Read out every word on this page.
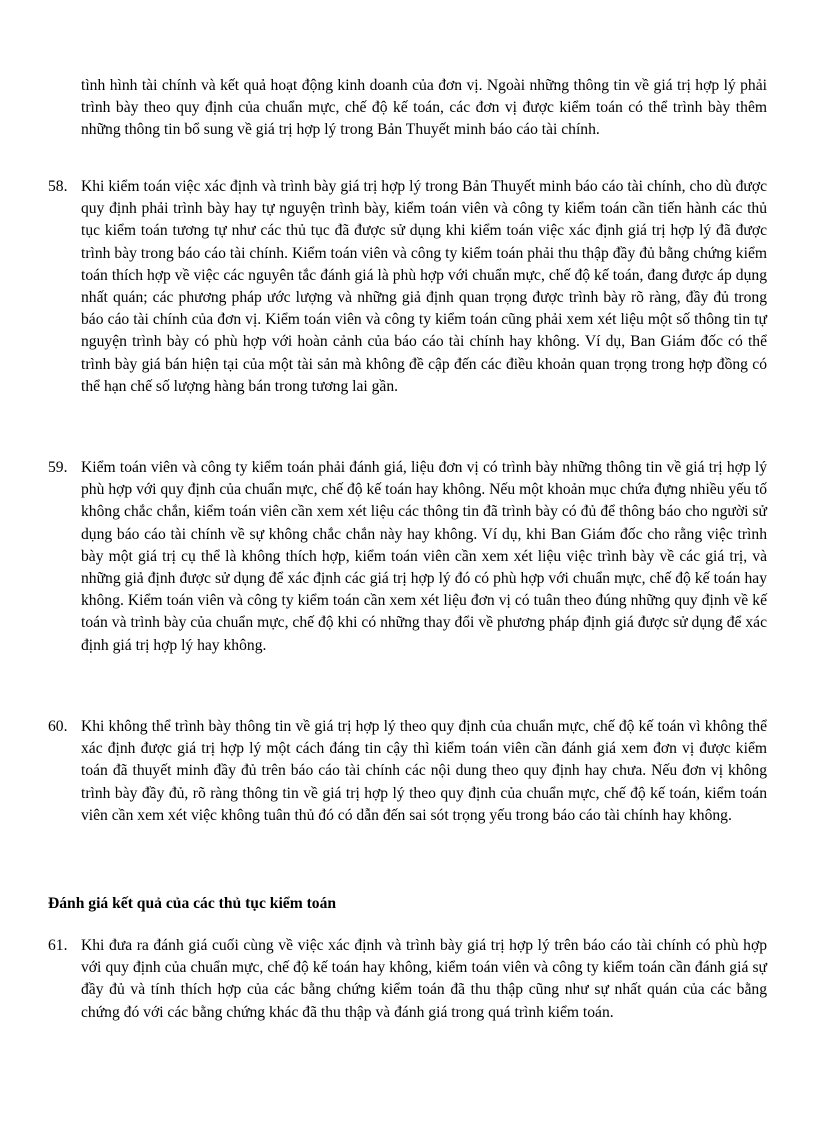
tình hình tài chính và kết quả hoạt động kinh doanh của đơn vị. Ngoài những thông tin về giá trị hợp lý phải trình bày theo quy định của chuẩn mực, chế độ kế toán, các đơn vị được kiểm toán có thể trình bày thêm những thông tin bổ sung về giá trị hợp lý trong Bản Thuyết minh báo cáo tài chính.

58. Khi kiểm toán việc xác định và trình bày giá trị hợp lý trong Bản Thuyết minh báo cáo tài chính, cho dù được quy định phải trình bày hay tự nguyện trình bày, kiểm toán viên và công ty kiểm toán cần tiến hành các thủ tục kiểm toán tương tự như các thủ tục đã được sử dụng khi kiểm toán việc xác định giá trị hợp lý đã được trình bày trong báo cáo tài chính. Kiểm toán viên và công ty kiểm toán phải thu thập đầy đủ bằng chứng kiểm toán thích hợp về việc các nguyên tắc đánh giá là phù hợp với chuẩn mực, chế độ kế toán, đang được áp dụng nhất quán; các phương pháp ước lượng và những giả định quan trọng được trình bày rõ ràng, đầy đủ trong báo cáo tài chính của đơn vị. Kiểm toán viên và công ty kiểm toán cũng phải xem xét liệu một số thông tin tự nguyện trình bày có phù hợp với hoàn cảnh của báo cáo tài chính hay không. Ví dụ, Ban Giám đốc có thể trình bày giá bán hiện tại của một tài sản mà không đề cập đến các điều khoản quan trọng trong hợp đồng có thể hạn chế số lượng hàng bán trong tương lai gần.

59. Kiểm toán viên và công ty kiểm toán phải đánh giá, liệu đơn vị có trình bày những thông tin về giá trị hợp lý phù hợp với quy định của chuẩn mực, chế độ kế toán hay không. Nếu một khoản mục chứa đựng nhiều yếu tố không chắc chắn, kiểm toán viên cần xem xét liệu các thông tin đã trình bày có đủ để thông báo cho người sử dụng báo cáo tài chính về sự không chắc chắn này hay không. Ví dụ, khi Ban Giám đốc cho rằng việc trình bày một giá trị cụ thể là không thích hợp, kiểm toán viên cần xem xét liệu việc trình bày về các giá trị, và những giả định được sử dụng để xác định các giá trị hợp lý đó có phù hợp với chuẩn mực, chế độ kế toán hay không. Kiểm toán viên và công ty kiểm toán cần xem xét liệu đơn vị có tuân theo đúng những quy định về kế toán và trình bày của chuẩn mực, chế độ khi có những thay đổi về phương pháp định giá được sử dụng để xác định giá trị hợp lý hay không.

60. Khi không thể trình bày thông tin về giá trị hợp lý theo quy định của chuẩn mực, chế độ kế toán vì không thể xác định được giá trị hợp lý một cách đáng tin cậy thì kiểm toán viên cần đánh giá xem đơn vị được kiểm toán đã thuyết minh đầy đủ trên báo cáo tài chính các nội dung theo quy định hay chưa. Nếu đơn vị không trình bày đầy đủ, rõ ràng thông tin về giá trị hợp lý theo quy định của chuẩn mực, chế độ kế toán, kiểm toán viên cần xem xét việc không tuân thủ đó có dẫn đến sai sót trọng yếu trong báo cáo tài chính hay không.

Đánh giá kết quả của các thủ tục kiểm toán

61. Khi đưa ra đánh giá cuối cùng về việc xác định và trình bày giá trị hợp lý trên báo cáo tài chính có phù hợp với quy định của chuẩn mực, chế độ kế toán hay không, kiểm toán viên và công ty kiểm toán cần đánh giá sự đầy đủ và tính thích hợp của các bằng chứng kiểm toán đã thu thập cũng như sự nhất quán của các bằng chứng đó với các bằng chứng khác đã thu thập và đánh giá trong quá trình kiểm toán.
